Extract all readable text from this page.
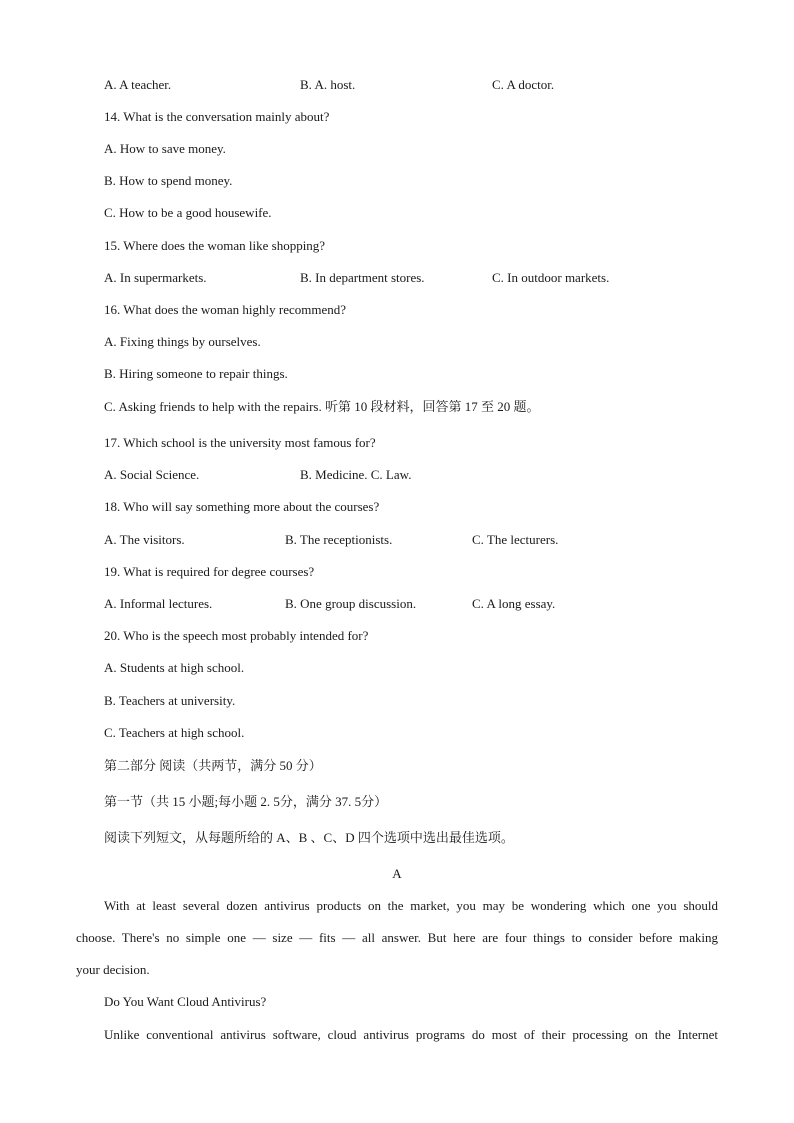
A. A teacher.	B. A. host.	C. A doctor.
14. What is the conversation mainly about?
A. How to save money.
B. How to spend money.
C. How to be a good housewife.
15. Where does the woman like shopping?
A. In supermarkets.	B. In department stores.	C. In outdoor markets.
16. What does the woman highly recommend?
A. Fixing things by ourselves.
B. Hiring someone to repair things.
C. Asking friends to help with the repairs. 听第 10 段材料，回答第 17 至 20 题。
17. Which school is the university most famous for?
A. Social Science.	B. Medicine. C. Law.
18. Who will say something more about the courses?
A. The visitors.	B. The receptionists.	C. The lecturers.
19. What is required for degree courses?
A. Informal lectures.	B. One group discussion.	C. A long essay.
20. Who is the speech most probably intended for?
A. Students at high school.
B. Teachers at university.
C. Teachers at high school.
第二部分 阅读（共两节，满分 50 分）
第一节（共 15 小题;每小题 2. 5分，满分 37. 5分）
阅读下列短文，从每题所给的 A、B 、C、D 四个选项中选出最佳选项。
A
With at least several dozen antivirus products on the market, you may be wondering which one you should
choose. There's no simple one — size — fits — all answer. But here are four things to consider before making
your decision.
Do You Want Cloud Antivirus?
Unlike conventional antivirus software, cloud antivirus programs do most of their processing on the Internet
